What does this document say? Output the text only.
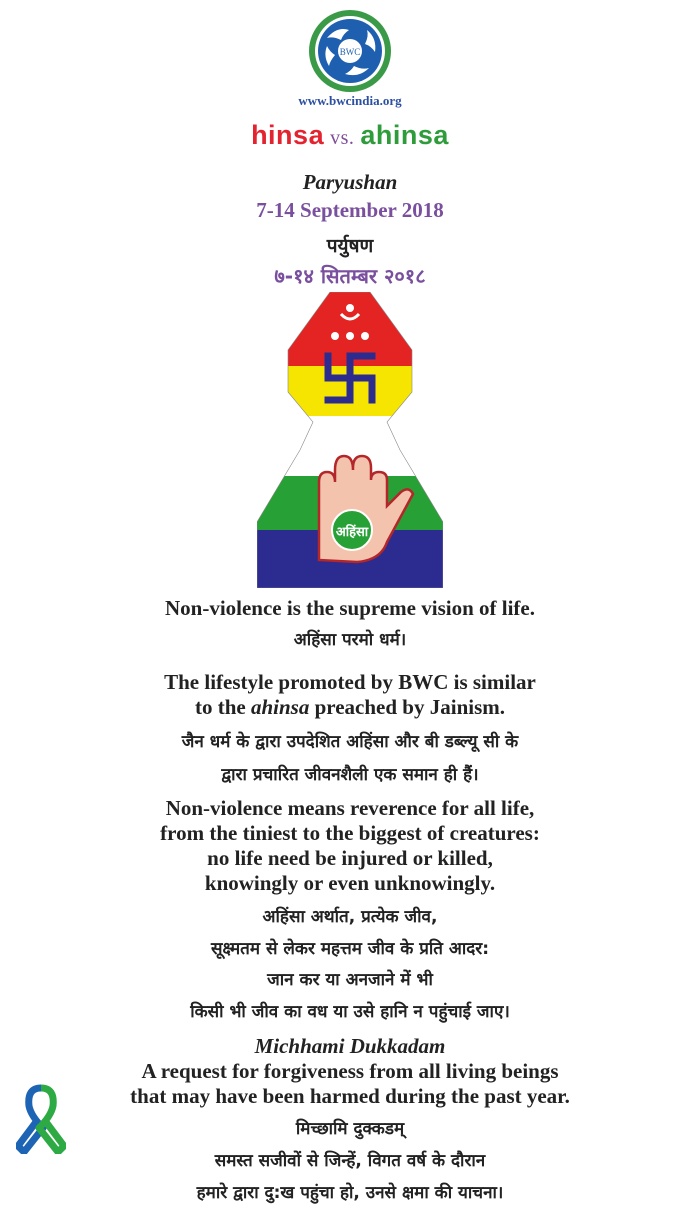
BWC
www.bwcindia.org
hinsa vs. ahinsa
Paryushan
7-14 September 2018
पर्युषण
७-१४ सितम्बर २०१८
अहिंसा
Non-violence is the supreme vision of life.
अहिंसा परमो धर्म।
The lifestyle promoted by BWC is similar
to the ahinsa preached by Jainism.
जैन धर्म के द्वारा उपदेशित अहिंसा और बी डब्ल्यू सी के
द्वारा प्रचारित जीवनशैली एक समान ही हैं।
Non-violence means reverence for all life,
from the tiniest to the biggest of creatures:
no life need be injured or killed,
knowingly or even unknowingly.
अहिंसा अर्थात, प्रत्येक जीव,
सूक्ष्मतम से लेकर महत्तम जीव के प्रति आदर:
जान कर या अनजाने में भी
किसी भी जीव का वध या उसे हानि न पहुंचाई जाए।
Michhami Dukkadam
A request for forgiveness from all living beings
that may have been harmed during the past year.
मिच्छामि दुक्कडम्
समस्त सजीवों से जिन्हें, विगत वर्ष के दौरान
हमारे द्वारा दु:ख पहुंचा हो, उनसे क्षमा की याचना।
